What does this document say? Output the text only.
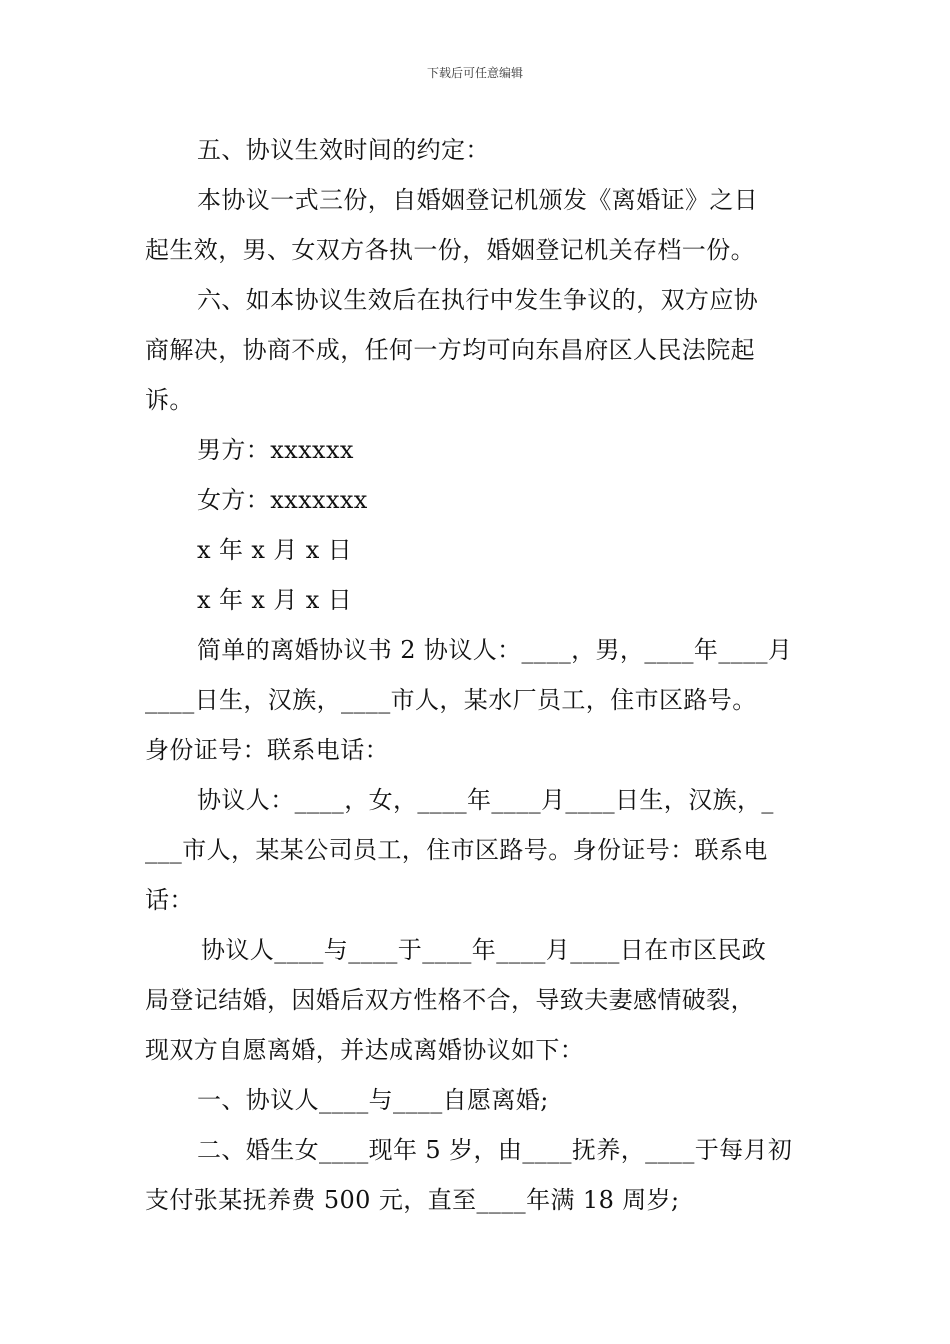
下载后可任意编辑
五、协议生效时间的约定：
本协议一式三份，自婚姻登记机颁发《离婚证》之日
起生效，男、女双方各执一份，婚姻登记机关存档一份。
六、如本协议生效后在执行中发生争议的，双方应协
商解决，协商不成，任何一方均可向东昌府区人民法院起
诉。
男方：xxxxxx
女方：xxxxxxx
x 年 x 月 x 日
x 年 x 月 x 日
简单的离婚协议书 2 协议人：____，男，____年____月
____日生，汉族，____市人，某水厂员工，住市区路号。
身份证号：联系电话：
协议人：____，女，____年____月____日生，汉族，_
___市人，某某公司员工，住市区路号。身份证号：联系电
话：
协议人____与____于____年____月____日在市区民政
局登记结婚，因婚后双方性格不合，导致夫妻感情破裂，
现双方自愿离婚，并达成离婚协议如下：
一、协议人____与____自愿离婚;
二、婚生女____现年 5 岁，由____抚养，____于每月初
支付张某抚养费 500 元，直至____年满 18 周岁;
